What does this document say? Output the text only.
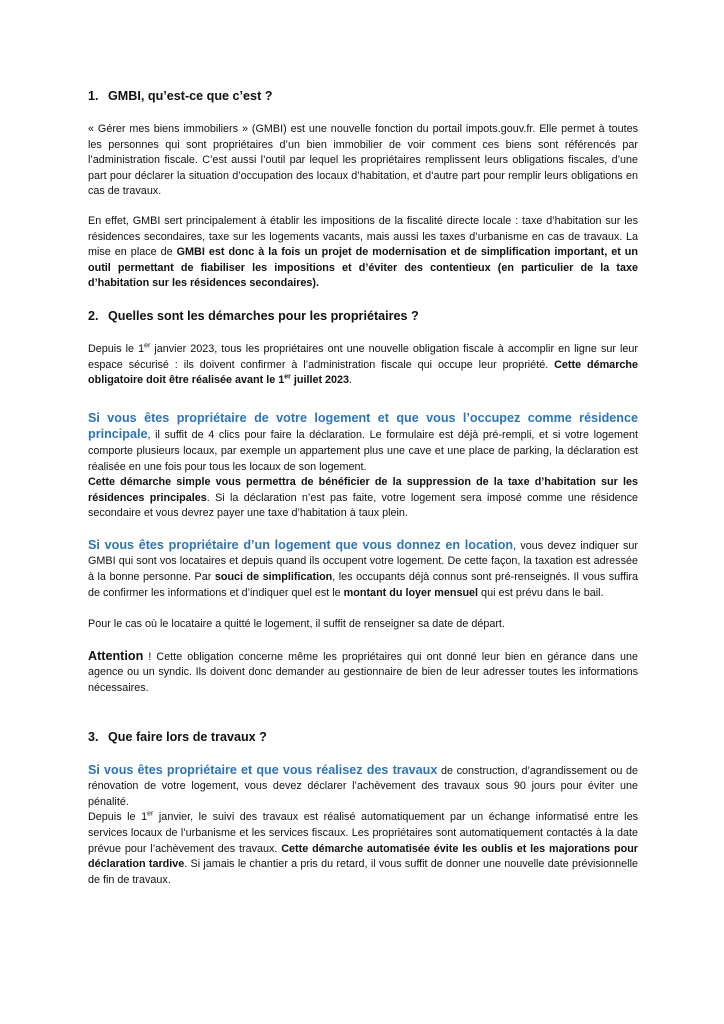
1. GMBI, qu’est-ce que c’est ?

« Gérer mes biens immobiliers » (GMBI) est une nouvelle fonction du portail impots.gouv.fr. Elle permet à toutes les personnes qui sont propriétaires d’un bien immobilier de voir comment ces biens sont référencés par l’administration fiscale. C’est aussi l’outil par lequel les propriétaires remplissent leurs obligations fiscales, d’une part pour déclarer la situation d’occupation des locaux d’habitation, et d’autre part pour remplir leurs obligations en cas de travaux.

En effet, GMBI sert principalement à établir les impositions de la fiscalité directe locale : taxe d’habitation sur les résidences secondaires, taxe sur les logements vacants, mais aussi les taxes d’urbanisme en cas de travaux. La mise en place de GMBI est donc à la fois un projet de modernisation et de simplification important, et un outil permettant de fiabiliser les impositions et d’éviter des contentieux (en particulier de la taxe d’habitation sur les résidences secondaires).

2. Quelles sont les démarches pour les propriétaires ?

Depuis le 1er janvier 2023, tous les propriétaires ont une nouvelle obligation fiscale à accomplir en ligne sur leur espace sécurisé : ils doivent confirmer à l’administration fiscale qui occupe leur propriété. Cette démarche obligatoire doit être réalisée avant le 1er juillet 2023.

Si vous êtes propriétaire de votre logement et que vous l’occupez comme résidence principale, il suffit de 4 clics pour faire la déclaration. Le formulaire est déjà pré-rempli, et si votre logement comporte plusieurs locaux, par exemple un appartement plus une cave et une place de parking, la déclaration est réalisée en une fois pour tous les locaux de son logement.
Cette démarche simple vous permettra de bénéficier de la suppression de la taxe d’habitation sur les résidences principales. Si la déclaration n’est pas faite, votre logement sera imposé comme une résidence secondaire et vous devrez payer une taxe d’habitation à taux plein.

Si vous êtes propriétaire d’un logement que vous donnez en location, vous devez indiquer sur GMBI qui sont vos locataires et depuis quand ils occupent votre logement. De cette façon, la taxation est adressée à la bonne personne. Par souci de simplification, les occupants déjà connus sont pré-renseignés. Il vous suffira de confirmer les informations et d’indiquer quel est le montant du loyer mensuel qui est prévu dans le bail.

Pour le cas où le locataire a quitté le logement, il suffit de renseigner sa date de départ.

Attention ! Cette obligation concerne même les propriétaires qui ont donné leur bien en gérance dans une agence ou un syndic. Ils doivent donc demander au gestionnaire de bien de leur adresser toutes les informations nécessaires.

3. Que faire lors de travaux ?

Si vous êtes propriétaire et que vous réalisez des travaux de construction, d’agrandissement ou de rénovation de votre logement, vous devez déclarer l’achèvement des travaux sous 90 jours pour éviter une pénalité.

Depuis le 1er janvier, le suivi des travaux est réalisé automatiquement par un échange informatisé entre les services locaux de l’urbanisme et les services fiscaux. Les propriétaires sont automatiquement contactés à la date prévue pour l’achèvement des travaux. Cette démarche automatisée évite les oublis et les majorations pour déclaration tardive. Si jamais le chantier a pris du retard, il vous suffit de donner une nouvelle date prévisionnelle de fin de travaux.
